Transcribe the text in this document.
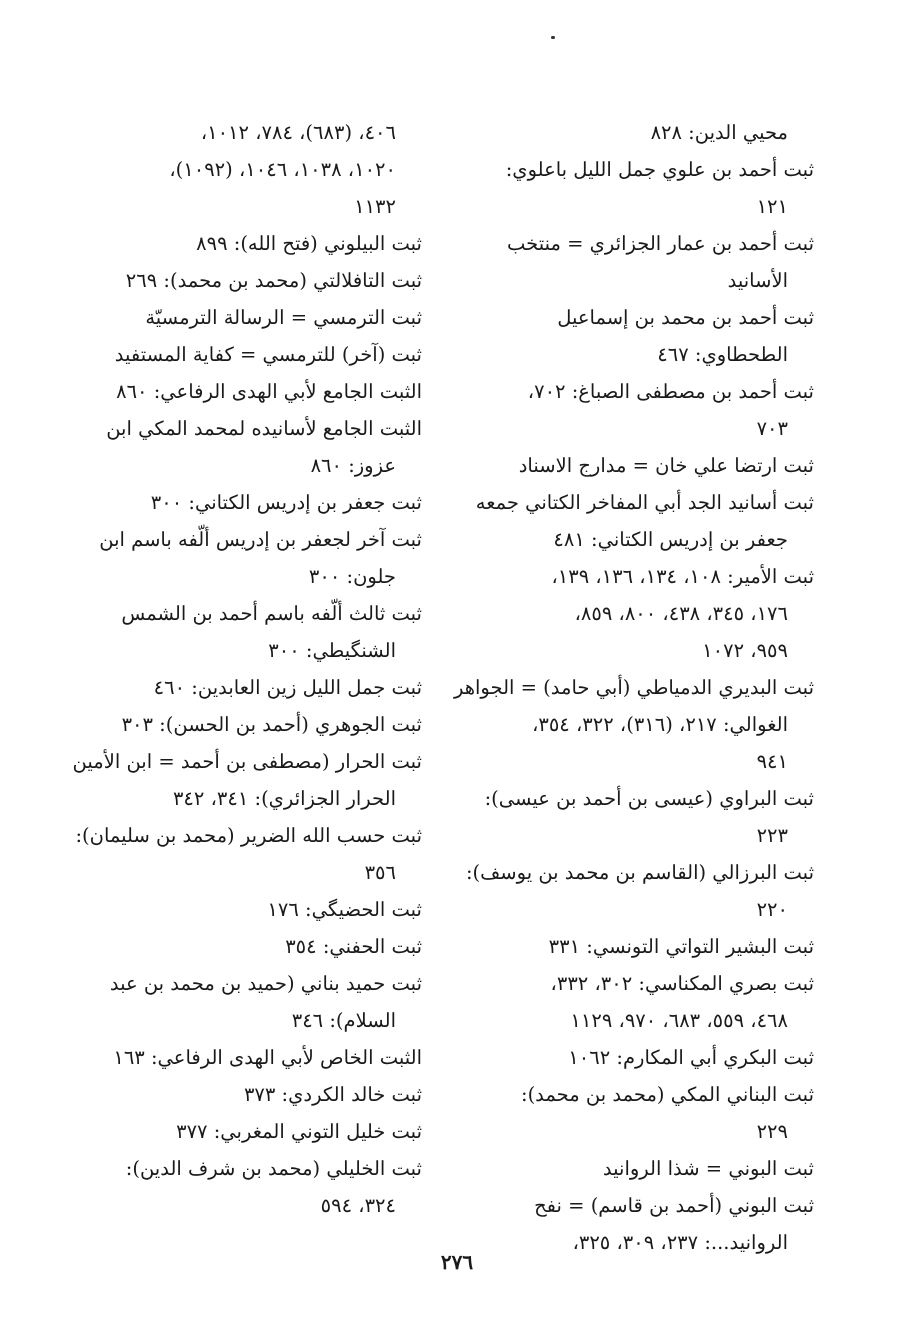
محيي الدين: ٨٢٨

ثبت أحمد بن علوي جمل الليل باعلوي:
١٢١

ثبت أحمد بن عمار الجزائري = منتخب
الأسانيد

ثبت أحمد بن محمد بن إسماعيل
الطحطاوي: ٤٦٧

ثبت أحمد بن مصطفى الصباغ: ٧٠٢،
٧٠٣

ثبت ارتضا علي خان = مدارج الاسناد

ثبت أسانيد الجد أبي المفاخر الكتاني جمعه
جعفر بن إدريس الكتاني: ٤٨١

ثبت الأمير: ١٠٨، ١٣٤، ١٣٦، ١٣٩،
١٧٦، ٣٤٥، ٤٣٨، ٨٠٠، ٨٥٩،
٩٥٩، ١٠٧٢

ثبت البديري الدمياطي (أبي حامد) = الجواهر
الغوالي: ٢١٧، (٣١٦)، ٣٢٢، ٣٥٤،
٩٤١

ثبت البراوي (عيسى بن أحمد بن عيسى):
٢٢٣

ثبت البرزالي (القاسم بن محمد بن يوسف):
٢٢٠

ثبت البشير التواتي التونسي: ٣٣١

ثبت بصري المكناسي: ٣٠٢، ٣٣٢،
٤٦٨، ٥٥٩، ٦٨٣، ٩٧٠، ١١٢٩

ثبت البكري أبي المكارم: ١٠٦٢

ثبت البناني المكي (محمد بن محمد):
٢٢٩

ثبت البوني = شذا الروانيد

ثبت البوني (أحمد بن قاسم) = نفح
الروانيد...: ٢٣٧، ٣٠٩، ٣٢٥،

٤٠٦، (٦٨٣)، ٧٨٤، ١٠١٢،
١٠٢٠، ١٠٣٨، ١٠٤٦، (١٠٩٢)،
١١٣٢

ثبت البيلوني (فتح الله): ٨٩٩

ثبت التافلالتي (محمد بن محمد): ٢٦٩

ثبت الترمسي = الرسالة الترمسيّة

ثبت (آخر) للترمسي = كفاية المستفيد

الثبت الجامع لأبي الهدى الرفاعي: ٨٦٠

الثبت الجامع لأسانيده لمحمد المكي ابن
عزوز: ٨٦٠

ثبت جعفر بن إدريس الكتاني: ٣٠٠

ثبت آخر لجعفر بن إدريس ألّفه باسم ابن
جلون: ٣٠٠

ثبت ثالث ألّفه باسم أحمد بن الشمس
الشنگيطي: ٣٠٠

ثبت جمل الليل زين العابدين: ٤٦٠

ثبت الجوهري (أحمد بن الحسن): ٣٠٣

ثبت الحرار (مصطفى بن أحمد = ابن الأمين
الحرار الجزائري): ٣٤١، ٣٤٢

ثبت حسب الله الضرير (محمد بن سليمان):
٣٥٦

ثبت الحضيگي: ١٧٦

ثبت الحفني: ٣٥٤

ثبت حميد بناني (حميد بن محمد بن عبد
السلام): ٣٤٦

الثبت الخاص لأبي الهدى الرفاعي: ١٦٣

ثبت خالد الكردي: ٣٧٣

ثبت خليل التوني المغربي: ٣٧٧

ثبت الخليلي (محمد بن شرف الدين):
٣٢٤، ٥٩٤

٢٧٦
